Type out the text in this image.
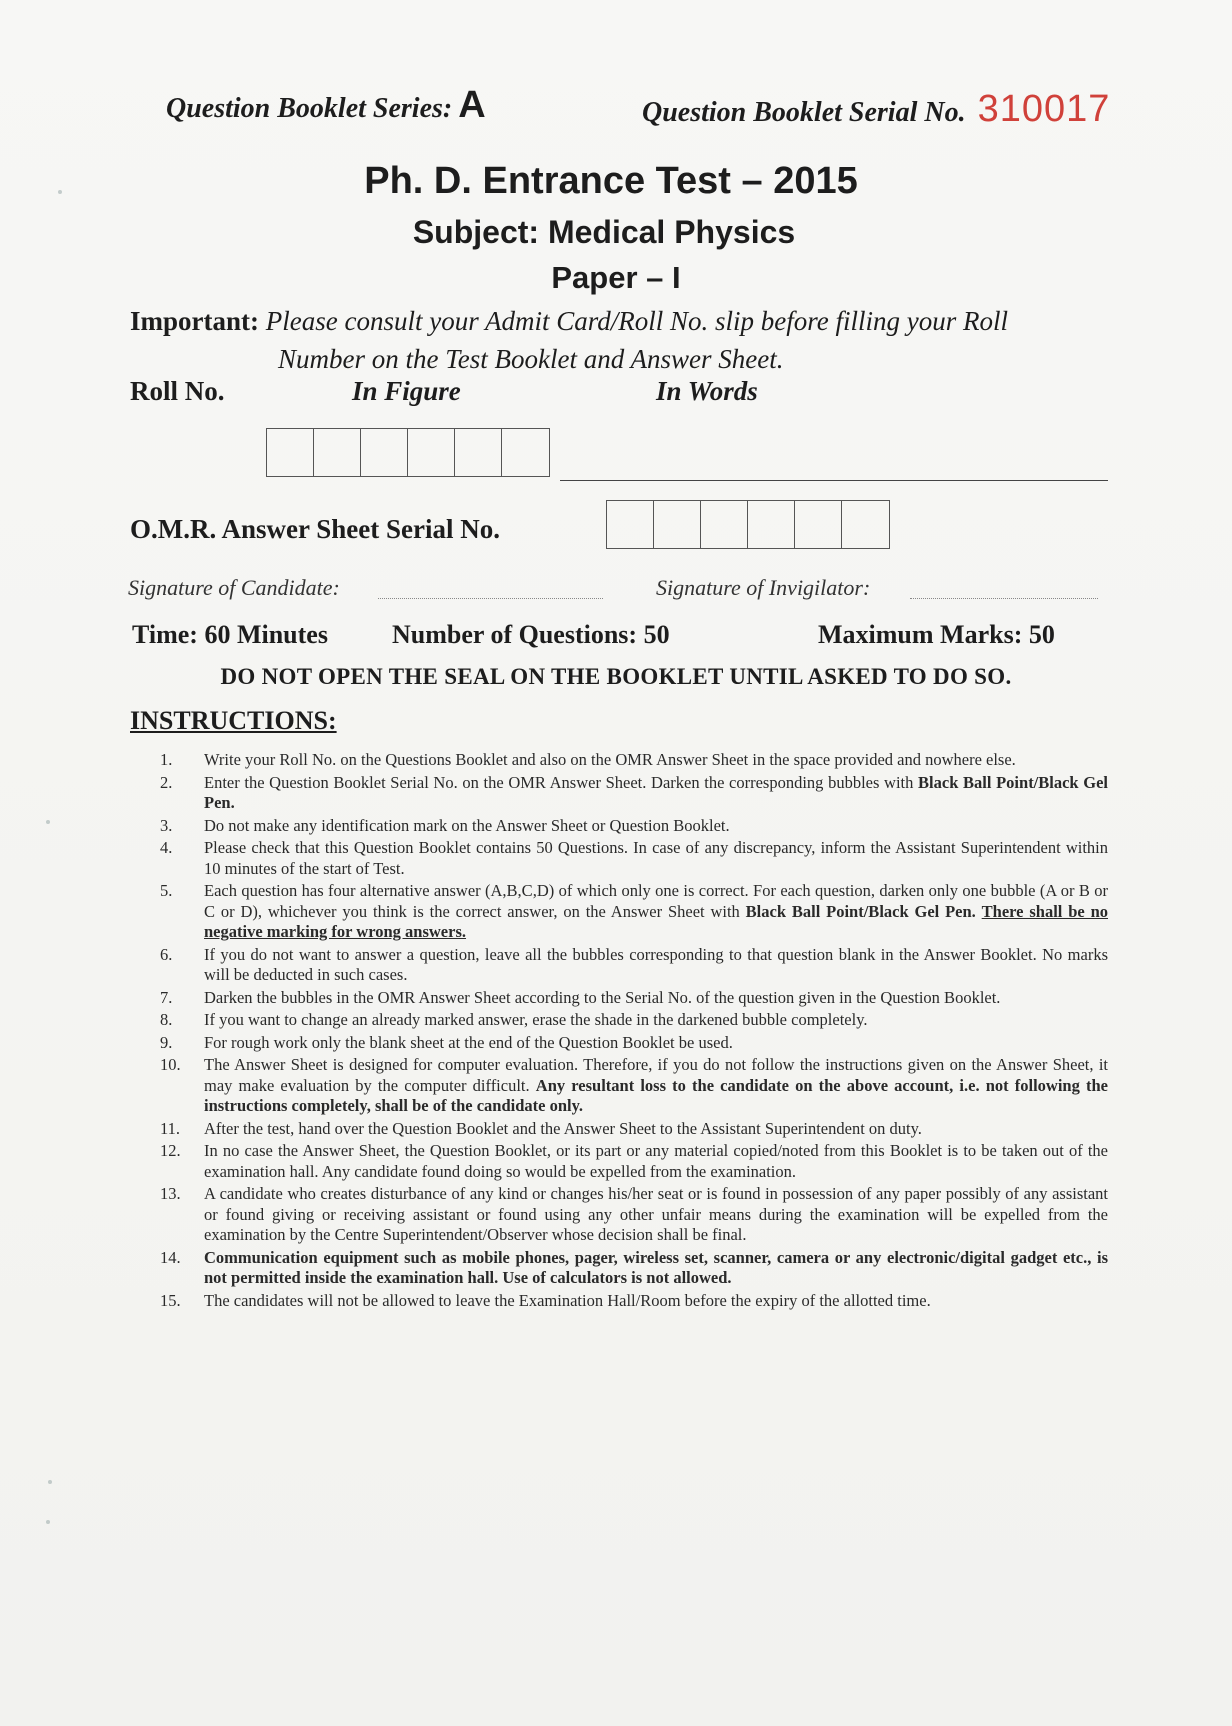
Question Booklet Series: A	Question Booklet Serial No. 310017
Ph. D. Entrance Test – 2015
Subject: Medical Physics
Paper – I
Important: Please consult your Admit Card/Roll No. slip before filling your Roll
Number on the Test Booklet and Answer Sheet.
Roll No.	In Figure	In Words
O.M.R. Answer Sheet Serial No.
Signature of Candidate:	Signature of Invigilator:
Time: 60 Minutes Number of Questions: 50	Maximum Marks: 50
DO NOT OPEN THE SEAL ON THE BOOKLET UNTIL ASKED TO DO SO.
INSTRUCTIONS:
1.	Write your Roll No. on the Questions Booklet and also on the OMR Answer Sheet in the space provided and nowhere else.
2.	Enter the Question Booklet Serial No. on the OMR Answer Sheet. Darken the corresponding bubbles with Black Ball Point/Black Gel Pen.
3.	Do not make any identification mark on the Answer Sheet or Question Booklet.
4.	Please check that this Question Booklet contains 50 Questions. In case of any discrepancy, inform the Assistant Superintendent within 10 minutes of the start of Test.
5.	Each question has four alternative answer (A,B,C,D) of which only one is correct. For each question, darken only one bubble (A or B or C or D), whichever you think is the correct answer, on the Answer Sheet with Black Ball Point/Black Gel Pen. There shall be no negative marking for wrong answers.
6.	If you do not want to answer a question, leave all the bubbles corresponding to that question blank in the Answer Booklet. No marks will be deducted in such cases.
7.	Darken the bubbles in the OMR Answer Sheet according to the Serial No. of the question given in the Question Booklet.
8.	If you want to change an already marked answer, erase the shade in the darkened bubble completely.
9.	For rough work only the blank sheet at the end of the Question Booklet be used.
10.	The Answer Sheet is designed for computer evaluation. Therefore, if you do not follow the instructions given on the Answer Sheet, it may make evaluation by the computer difficult. Any resultant loss to the candidate on the above account, i.e. not following the instructions completely, shall be of the candidate only.
11.	After the test, hand over the Question Booklet and the Answer Sheet to the Assistant Superintendent on duty.
12.	In no case the Answer Sheet, the Question Booklet, or its part or any material copied/noted from this Booklet is to be taken out of the examination hall. Any candidate found doing so would be expelled from the examination.
13.	A candidate who creates disturbance of any kind or changes his/her seat or is found in possession of any paper possibly of any assistant or found giving or receiving assistant or found using any other unfair means during the examination will be expelled from the examination by the Centre Superintendent/Observer whose decision shall be final.
14.	Communication equipment such as mobile phones, pager, wireless set, scanner, camera or any electronic/digital gadget etc., is not permitted inside the examination hall. Use of calculators is not allowed.
15.	The candidates will not be allowed to leave the Examination Hall/Room before the expiry of the allotted time.
